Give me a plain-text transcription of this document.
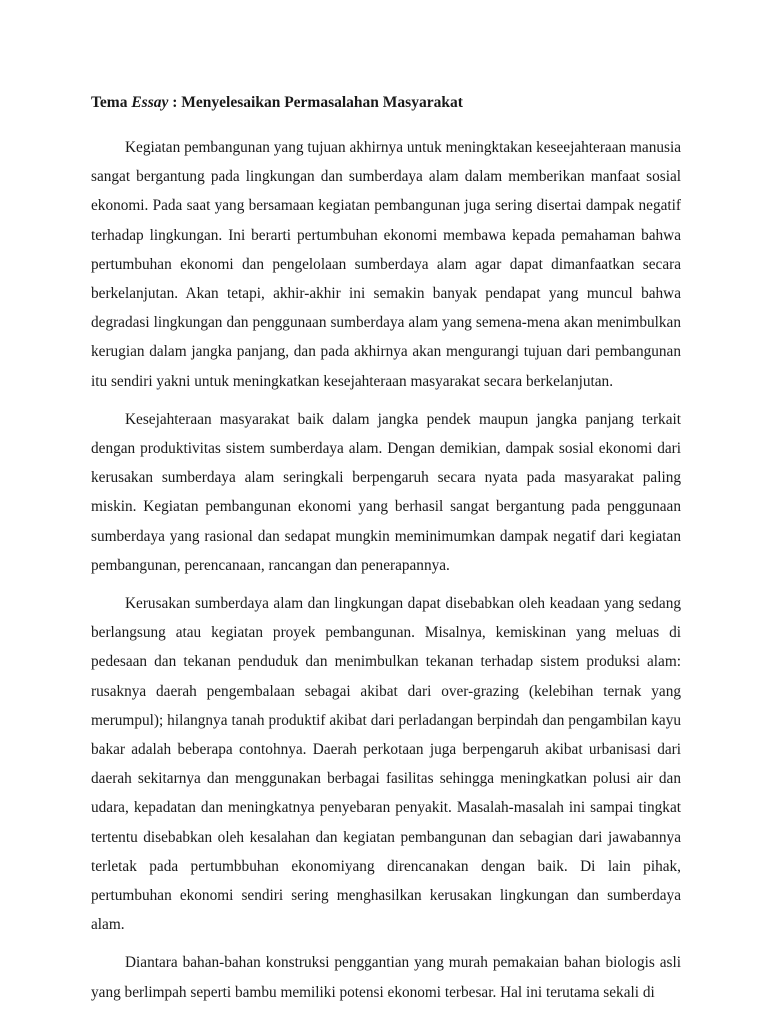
Tema Essay : Menyelesaikan Permasalahan Masyarakat

Kegiatan pembangunan yang tujuan akhirnya untuk meningktakan keseejahteraan manusia sangat bergantung pada lingkungan dan sumberdaya alam dalam memberikan manfaat sosial ekonomi. Pada saat yang bersamaan kegiatan pembangunan juga sering disertai dampak negatif terhadap lingkungan. Ini berarti pertumbuhan ekonomi membawa kepada pemahaman bahwa pertumbuhan ekonomi dan pengelolaan sumberdaya alam agar dapat dimanfaatkan secara berkelanjutan. Akan tetapi, akhir-akhir ini semakin banyak pendapat yang muncul bahwa degradasi lingkungan dan penggunaan sumberdaya alam yang semena-mena akan menimbulkan kerugian dalam jangka panjang, dan pada akhirnya akan mengurangi tujuan dari pembangunan itu sendiri yakni untuk meningkatkan kesejahteraan masyarakat secara berkelanjutan.

Kesejahteraan masyarakat baik dalam jangka pendek maupun jangka panjang terkait dengan produktivitas sistem sumberdaya alam. Dengan demikian, dampak sosial ekonomi dari kerusakan sumberdaya alam seringkali berpengaruh secara nyata pada masyarakat paling miskin. Kegiatan pembangunan ekonomi yang berhasil sangat bergantung pada penggunaan sumberdaya yang rasional dan sedapat mungkin meminimumkan dampak negatif dari kegiatan pembangunan, perencanaan, rancangan dan penerapannya.

Kerusakan sumberdaya alam dan lingkungan dapat disebabkan oleh keadaan yang sedang berlangsung atau kegiatan proyek pembangunan. Misalnya, kemiskinan yang meluas di pedesaan dan tekanan penduduk dan menimbulkan tekanan terhadap sistem produksi alam: rusaknya daerah pengembalaan sebagai akibat dari over-grazing (kelebihan ternak yang merumpul); hilangnya tanah produktif akibat dari perladangan berpindah dan pengambilan kayu bakar adalah beberapa contohnya. Daerah perkotaan juga berpengaruh akibat urbanisasi dari daerah sekitarnya dan menggunakan berbagai fasilitas sehingga meningkatkan polusi air dan udara, kepadatan dan meningkatnya penyebaran penyakit. Masalah-masalah ini sampai tingkat tertentu disebabkan oleh kesalahan dan kegiatan pembangunan dan sebagian dari jawabannya terletak pada pertumbbuhan ekonomiyang direncanakan dengan baik. Di lain pihak, pertumbuhan ekonomi sendiri sering menghasilkan kerusakan lingkungan dan sumberdaya alam.

Diantara bahan-bahan konstruksi penggantian yang murah pemakaian bahan biologis asli yang berlimpah seperti bambu memiliki potensi ekonomi terbesar. Hal ini terutama sekali di
